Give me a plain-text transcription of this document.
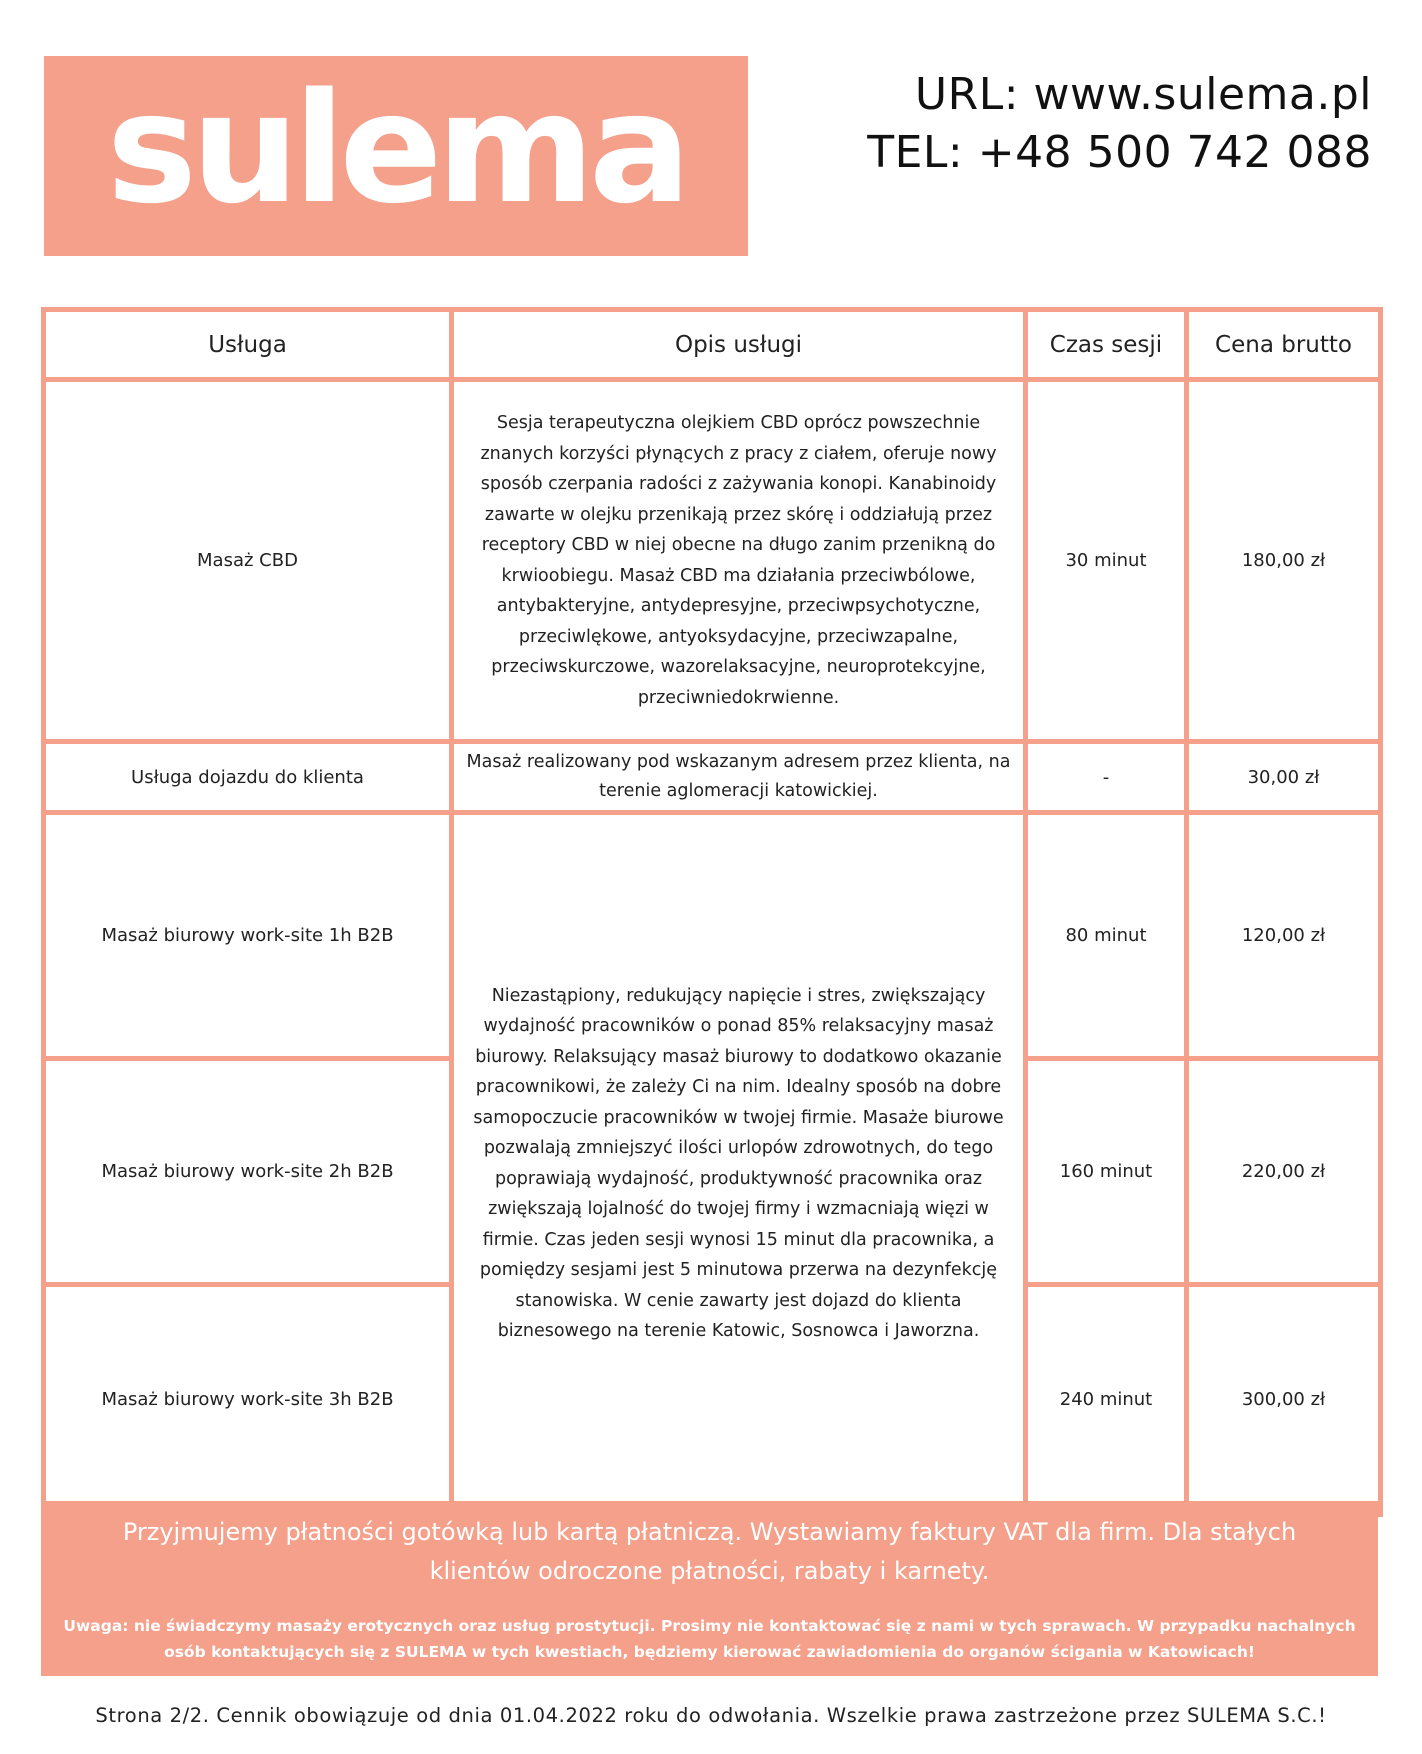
sulema	URL: www.sulema.pl
TEL: +48 500 742 088
Usługa	Opis usługi	Czas sesji	Cena brutto
Masaż CBD	Sesja terapeutyczna olejkiem CBD oprócz powszechnie znanych korzyści płynących z pracy z ciałem, oferuje nowy sposób czerpania radości z zażywania konopi. Kanabinoidy zawarte w olejku przenikają przez skórę i oddziałują przez receptory CBD w niej obecne na długo zanim przenikną do krwioobiegu. Masaż CBD ma działania przeciwbólowe, antybakteryjne, antydepresyjne, przeciwpsychotyczne, przeciwlękowe, antyoksydacyjne, przeciwzapalne, przeciwskurczowe, wazorelaksacyjne, neuroprotekcyjne, przeciwniedokrwienne.	30 minut	180,00 zł
Usługa dojazdu do klienta	Masaż realizowany pod wskazanym adresem przez klienta, na terenie aglomeracji katowickiej.	-	30,00 zł
Masaż biurowy work-site 1h B2B	Niezastąpiony, redukujący napięcie i stres, zwiększający wydajność pracowników o ponad 85% relaksacyjny masaż biurowy. Relaksujący masaż biurowy to dodatkowo okazanie pracownikowi, że zależy Ci na nim. Idealny sposób na dobre samopoczucie pracowników w twojej firmie. Masaże biurowe pozwalają zmniejszyć ilości urlopów zdrowotnych, do tego poprawiają wydajność, produktywność pracownika oraz zwiększają lojalność do twojej firmy i wzmacniają więzi w firmie. Czas jeden sesji wynosi 15 minut dla pracownika, a pomiędzy sesjami jest 5 minutowa przerwa na dezynfekcję stanowiska. W cenie zawarty jest dojazd do klienta biznesowego na terenie Katowic, Sosnowca i Jaworzna.	80 minut	120,00 zł
Masaż biurowy work-site 2h B2B		160 minut	220,00 zł
Masaż biurowy work-site 3h B2B		240 minut	300,00 zł
Przyjmujemy płatności gotówką lub kartą płatniczą. Wystawiamy faktury VAT dla firm. Dla stałych klientów odroczone płatności, rabaty i karnety.
Uwaga: nie świadczymy masaży erotycznych oraz usług prostytucji. Prosimy nie kontaktować się z nami w tych sprawach. W przypadku nachalnych osób kontaktujących się z SULEMA w tych kwestiach, będziemy kierować zawiadomienia do organów ścigania w Katowicach!
Strona 2/2. Cennik obowiązuje od dnia 01.04.2022 roku do odwołania. Wszelkie prawa zastrzeżone przez SULEMA S.C.!
